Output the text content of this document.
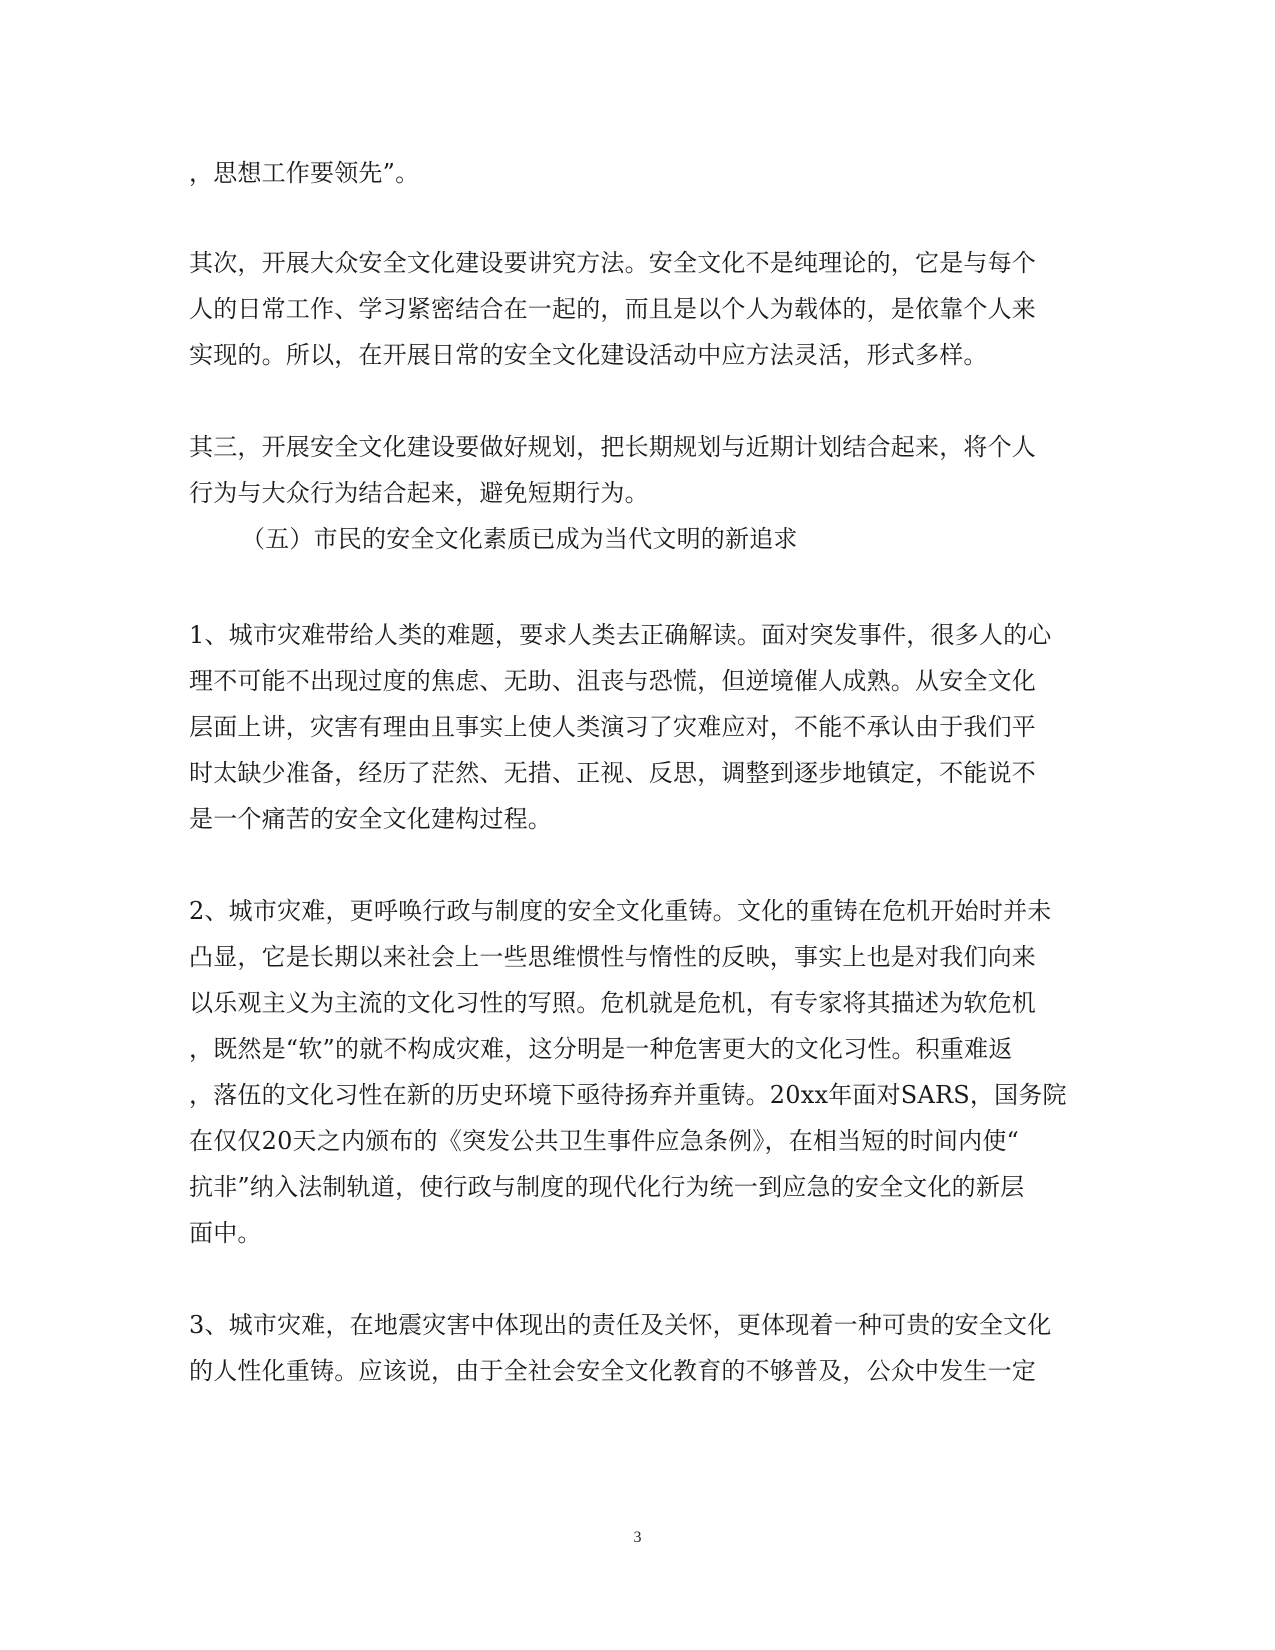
，思想工作要领先”。
其次，开展大众安全文化建设要讲究方法。安全文化不是纯理论的，它是与每个
人的日常工作、学习紧密结合在一起的，而且是以个人为载体的，是依靠个人来
实现的。所以，在开展日常的安全文化建设活动中应方法灵活，形式多样。
其三，开展安全文化建设要做好规划，把长期规划与近期计划结合起来，将个人
行为与大众行为结合起来，避免短期行为。
（五）市民的安全文化素质已成为当代文明的新追求
1、城市灾难带给人类的难题，要求人类去正确解读。面对突发事件，很多人的心
理不可能不出现过度的焦虑、无助、沮丧与恐慌，但逆境催人成熟。从安全文化
层面上讲，灾害有理由且事实上使人类演习了灾难应对，不能不承认由于我们平
时太缺少准备，经历了茫然、无措、正视、反思，调整到逐步地镇定，不能说不
是一个痛苦的安全文化建构过程。
2、城市灾难，更呼唤行政与制度的安全文化重铸。文化的重铸在危机开始时并未
凸显，它是长期以来社会上一些思维惯性与惰性的反映，事实上也是对我们向来
以乐观主义为主流的文化习性的写照。危机就是危机，有专家将其描述为软危机
，既然是“软”的就不构成灾难，这分明是一种危害更大的文化习性。积重难返
，落伍的文化习性在新的历史环境下亟待扬弃并重铸。20xx年面对SARS，国务院
在仅仅20天之内颁布的《突发公共卫生事件应急条例》，在相当短的时间内使“
抗非”纳入法制轨道，使行政与制度的现代化行为统一到应急的安全文化的新层
面中。
3、城市灾难，在地震灾害中体现出的责任及关怀，更体现着一种可贵的安全文化
的人性化重铸。应该说，由于全社会安全文化教育的不够普及，公众中发生一定
3
